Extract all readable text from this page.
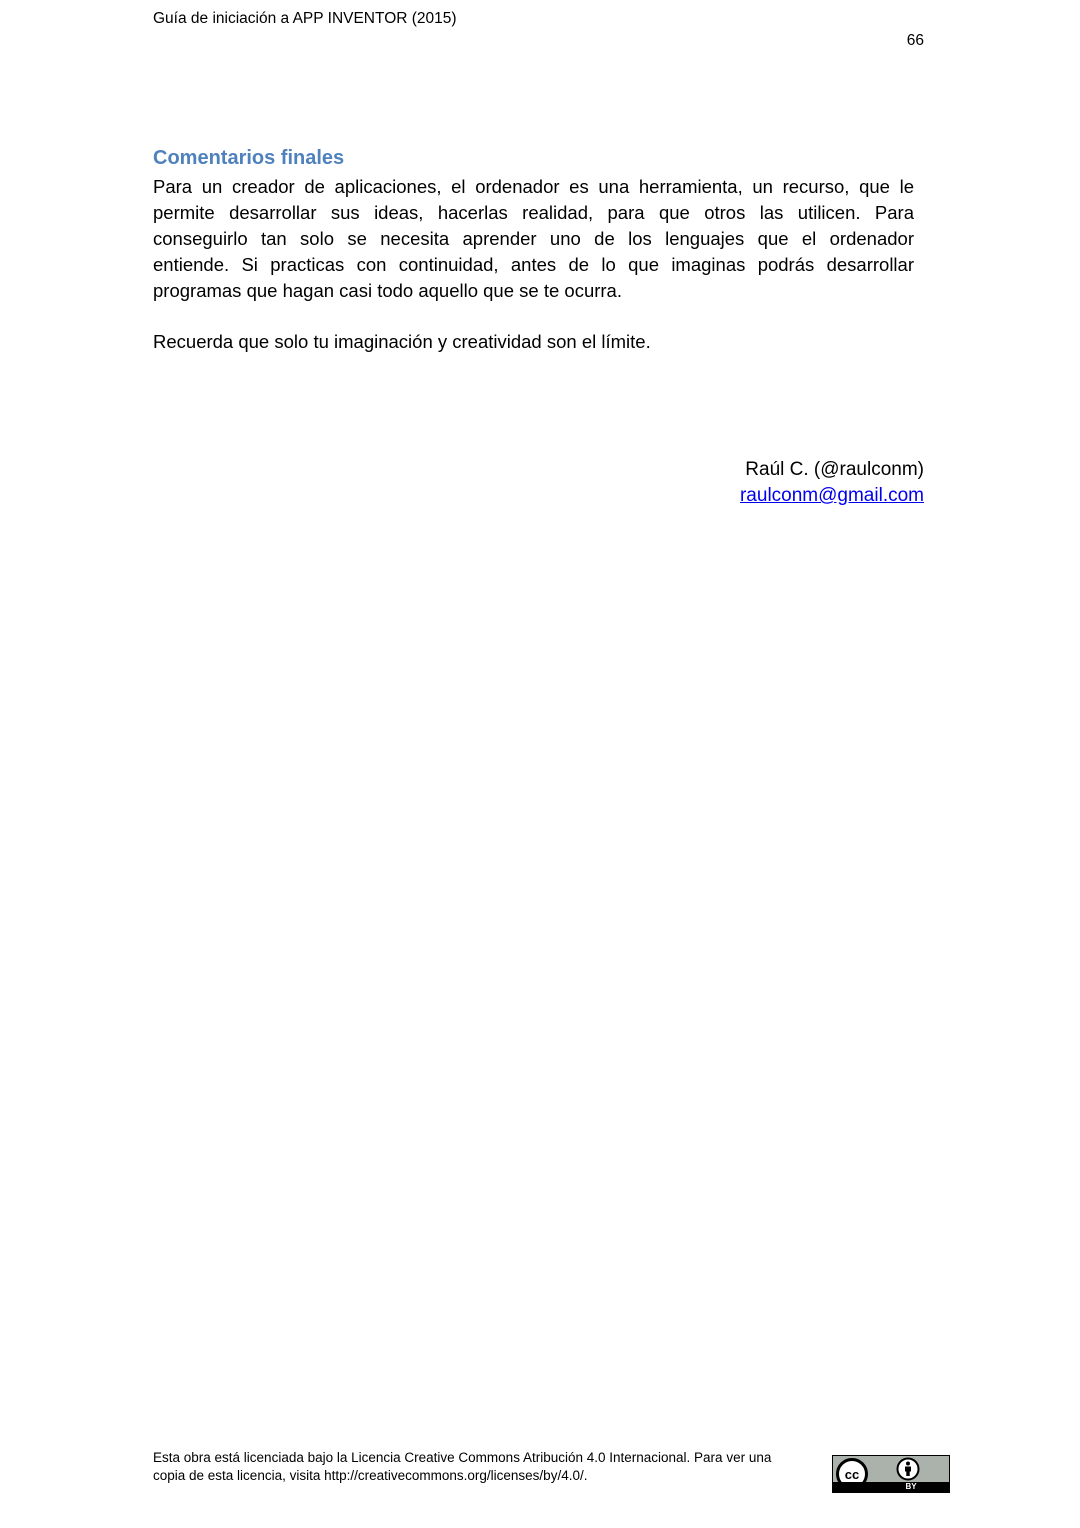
Guía de iniciación a APP INVENTOR (2015)
66
Comentarios finales
Para un creador de aplicaciones, el ordenador es una herramienta, un recurso, que le
permite desarrollar sus ideas, hacerlas realidad, para que otros las utilicen. Para
conseguirlo tan solo se necesita aprender uno de los lenguajes que el ordenador
entiende. Si practicas con continuidad, antes de lo que imaginas podrás desarrollar
programas que hagan casi todo aquello que se te ocurra.
Recuerda que solo tu imaginación y creatividad son el límite.
Raúl C. (@raulconm)
raulconm@gmail.com
Esta obra está licenciada bajo la Licencia Creative Commons Atribución 4.0 Internacional. Para ver una
copia de esta licencia, visita http://creativecommons.org/licenses/by/4.0/.	cc
BY
